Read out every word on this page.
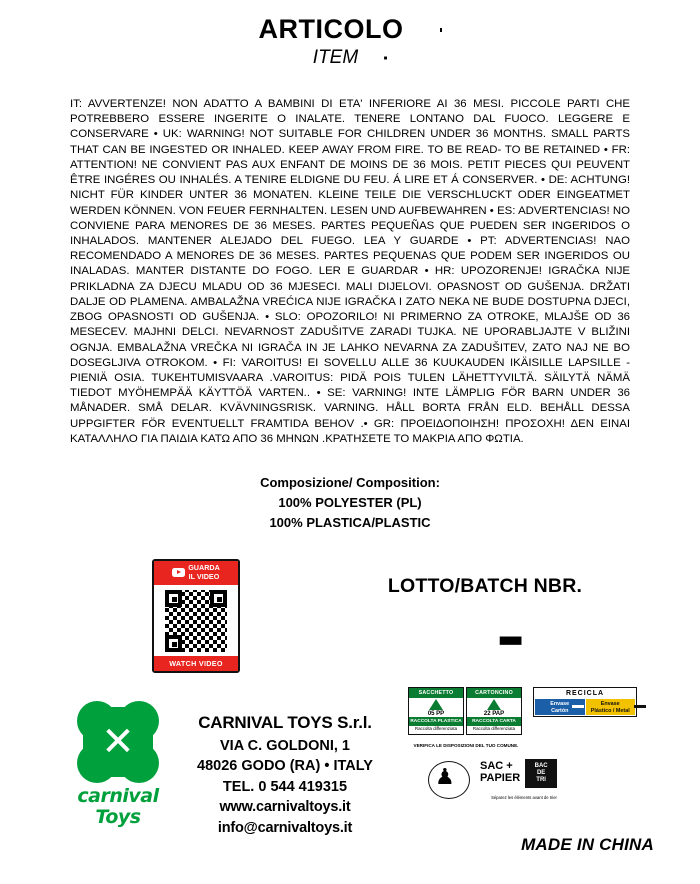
ARTICOLO
ITEM
IT: AVVERTENZE! NON ADATTO A BAMBINI DI ETA' INFERIORE AI 36 MESI. PICCOLE PARTI CHE POTREBBERO ESSERE INGERITE O INALATE. TENERE LONTANO DAL FUOCO. LEGGERE E CONSERVARE • UK: WARNING! NOT SUITABLE FOR CHILDREN UNDER 36 MONTHS. SMALL PARTS THAT CAN BE INGESTED OR INHALED. KEEP AWAY FROM FIRE. TO BE READ- TO BE RETAINED • FR: ATTENTION! NE CONVIENT PAS AUX ENFANT DE MOINS DE 36 MOIS. PETIT PIECES QUI PEUVENT ÊTRE INGÉRES OU INHALÉS. A TENIRE ELDIGNE DU FEU. Á LIRE ET Á CONSERVER. • DE: ACHTUNG! NICHT FÜR KINDER UNTER 36 MONATEN. KLEINE TEILE DIE VERSCHLUCKT ODER EINGEATMET WERDEN KÖNNEN. VON FEUER FERNHALTEN. LESEN UND AUFBEWAHREN • ES: ADVERTENCIAS! NO CONVIENE PARA MENORES DE 36 MESES. PARTES PEQUEÑAS QUE PUEDEN SER INGERIDOS O INHALADOS. MANTENER ALEJADO DEL FUEGO. LEA Y GUARDE • PT: ADVERTENCIAS! NAO RECOMENDADO A MENORES DE 36 MESES. PARTES PEQUENAS QUE PODEM SER INGERIDOS OU INALADAS. MANTER DISTANTE DO FOGO. LER E GUARDAR • HR: UPOZORENJE! IGRAČKA NIJE PRIKLADNA ZA DJECU MLADU OD 36 MJESECI. MALI DIJELOVI. OPASNOST OD GUŠENJA. DRŽATI DALJE OD PLAMENA. AMBALAŽNA VREĆICA NIJE IGRAČKA I ZATO NEKA NE BUDE DOSTUPNA DJECI, ZBOG OPASNOSTI OD GUŠENJA. • SLO: OPOZORILO! NI PRIMERNO ZA OTROKE, MLAJŠE OD 36 MESECEV. MAJHNI DELCI. NEVARNOST ZADUŠITVE ZARADI TUJKA. NE UPORABLJAJTE V BLIŽINI OGNJA. EMBALAŽNA VREČKA NI IGRAČA IN JE LAHKO NEVARNA ZA ZADUŠITEV, ZATO NAJ NE BO DOSEGLJIVA OTROKOM. • FI: VAROITUS! EI SOVELLU ALLE 36 KUUKAUDEN IKÄISILLE LAPSILLE - PIENIÄ OSIA. TUKEHTUMISVAARA .VAROITUS: PIDÄ POIS TULEN LÄHETTYVILTÄ. SÄILYTÄ NÄMÄ TIEDOT MYÖHEMPÄÄ KÄYTTÖÄ VARTEN.. • SE: VARNING! INTE LÄMPLIG FÖR BARN UNDER 36 MÅNADER. SMÅ DELAR. KVÄVNINGSRISK. VARNING. HÅLL BORTA FRÅN ELD. BEHÅLL DESSA UPPGIFTER FÖR EVENTUELLT FRAMTIDA BEHOV .• GR: ΠΡΟΕΙΔΟΠΟΙΗΣΗ! ΠΡΟΣΟΧΗ! ΔΕΝ ΕΙΝΑΙ ΚΑΤΑΛΛΗΛΟ ΓΙΑ ΠΑΙΔΙΑ ΚΑΤΩ ΑΠΟ 36 ΜΗΝΩΝ .ΚΡΑΤΗΣΕΤΕ ΤΟ ΜΑΚΡΙΑ ΑΠΟ ΦΩΤΙΑ.
Composizione/ Composition:
100% POLYESTER (PL)
100% PLASTICA/PLASTIC
GUARDA
IL VIDEO
WATCH VIDEO
LOTTO/BATCH NBR.
✕
carnival
Toys
CARNIVAL TOYS S.r.l.
VIA C. GOLDONI, 1
48026 GODO (RA) • ITALY
TEL. 0 544 419315
www.carnivaltoys.it
info@carnivaltoys.it
SACCHETTO
05 PP
RACCOLTA PLASTICA
Raccolta differenziata
CARTONCINO
22 PAP
RACCOLTA CARTA
Raccolta differenziata
VERIFICA LE DISPOSIZIONI DEL TUO COMUNE.
RECICLA
Envase
Cartón
Envase
Plástico / Metal
♟ SAC +
PAPIER
BAC
DE
TRI
Séparez les éléments avant de trier
MADE IN CHINA
